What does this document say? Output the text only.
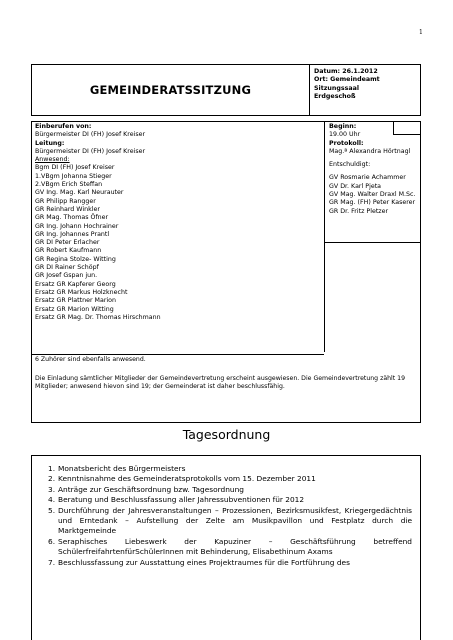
1
GEMEINDERATSSITZUNG
Datum: 26.1.2012
Ort: Gemeindeamt
Sitzungssaal
Erdgeschoß
Einberufen von:
Bürgermeister DI (FH) Josef Kreiser
Leitung:
Bürgermeister DI (FH) Josef Kreiser
Anwesend:
Bgm DI (FH) Josef Kreiser
1.VBgm Johanna Stieger
2.VBgm Erich Steffan
GV Ing. Mag. Karl Neurauter
GR Philipp Rangger
GR Reinhard Winkler
GR Mag. Thomas Öfner
GR Ing. Johann Hochrainer
GR Ing. Johannes Prantl
GR DI Peter Erlacher
GR Robert Kaufmann
GR Regina Stolze- Witting
GR DI Rainer Schöpf
GR Josef Gspan jun.
Ersatz GR Kapferer Georg
Ersatz GR Markus Holzknecht
Ersatz GR Plattner Marion
Ersatz GR Marion Witting
Ersatz GR Mag. Dr. Thomas Hirschmann
Beginn:
19.00 Uhr
Protokoll:
Mag.ª Alexandra Hörtnagl
Entschuldigt:
GV Rosmarie Achammer
GV Dr. Karl Pjeta
GV Mag. Walter Draxl M.Sc.
GR Mag. (FH) Peter Kaserer
GR Dr. Fritz Pletzer
6 Zuhörer sind ebenfalls anwesend.
Die Einladung sämtlicher Mitglieder der Gemeindevertretung erscheint ausgewiesen. Die Gemeindevertretung zählt 19 Mitglieder; anwesend hievon sind 19; der Gemeinderat ist daher beschlussfähig.
Tagesordnung
1. Monatsbericht des Bürgermeisters
2. Kenntnisnahme des Gemeinderatsprotokolls vom 15. Dezember 2011
3. Anträge zur Geschäftsordnung bzw. Tagesordnung
4. Beratung und Beschlussfassung aller Jahressubventionen für 2012
5. Durchführung der Jahresveranstaltungen – Prozessionen, Bezirksmusikfest, Kriegergedächtnis und Erntedank – Aufstellung der Zelte am Musikpavillon und Festplatz durch die Marktgemeinde
6. Seraphisches Liebeswerk der Kapuziner – Geschäftsführung betreffend SchülerfreifahrtenfürSchülerInnen mit Behinderung, Elisabethinum Axams
7. Beschlussfassung zur Ausstattung eines Projektraumes für die Fortführung des
